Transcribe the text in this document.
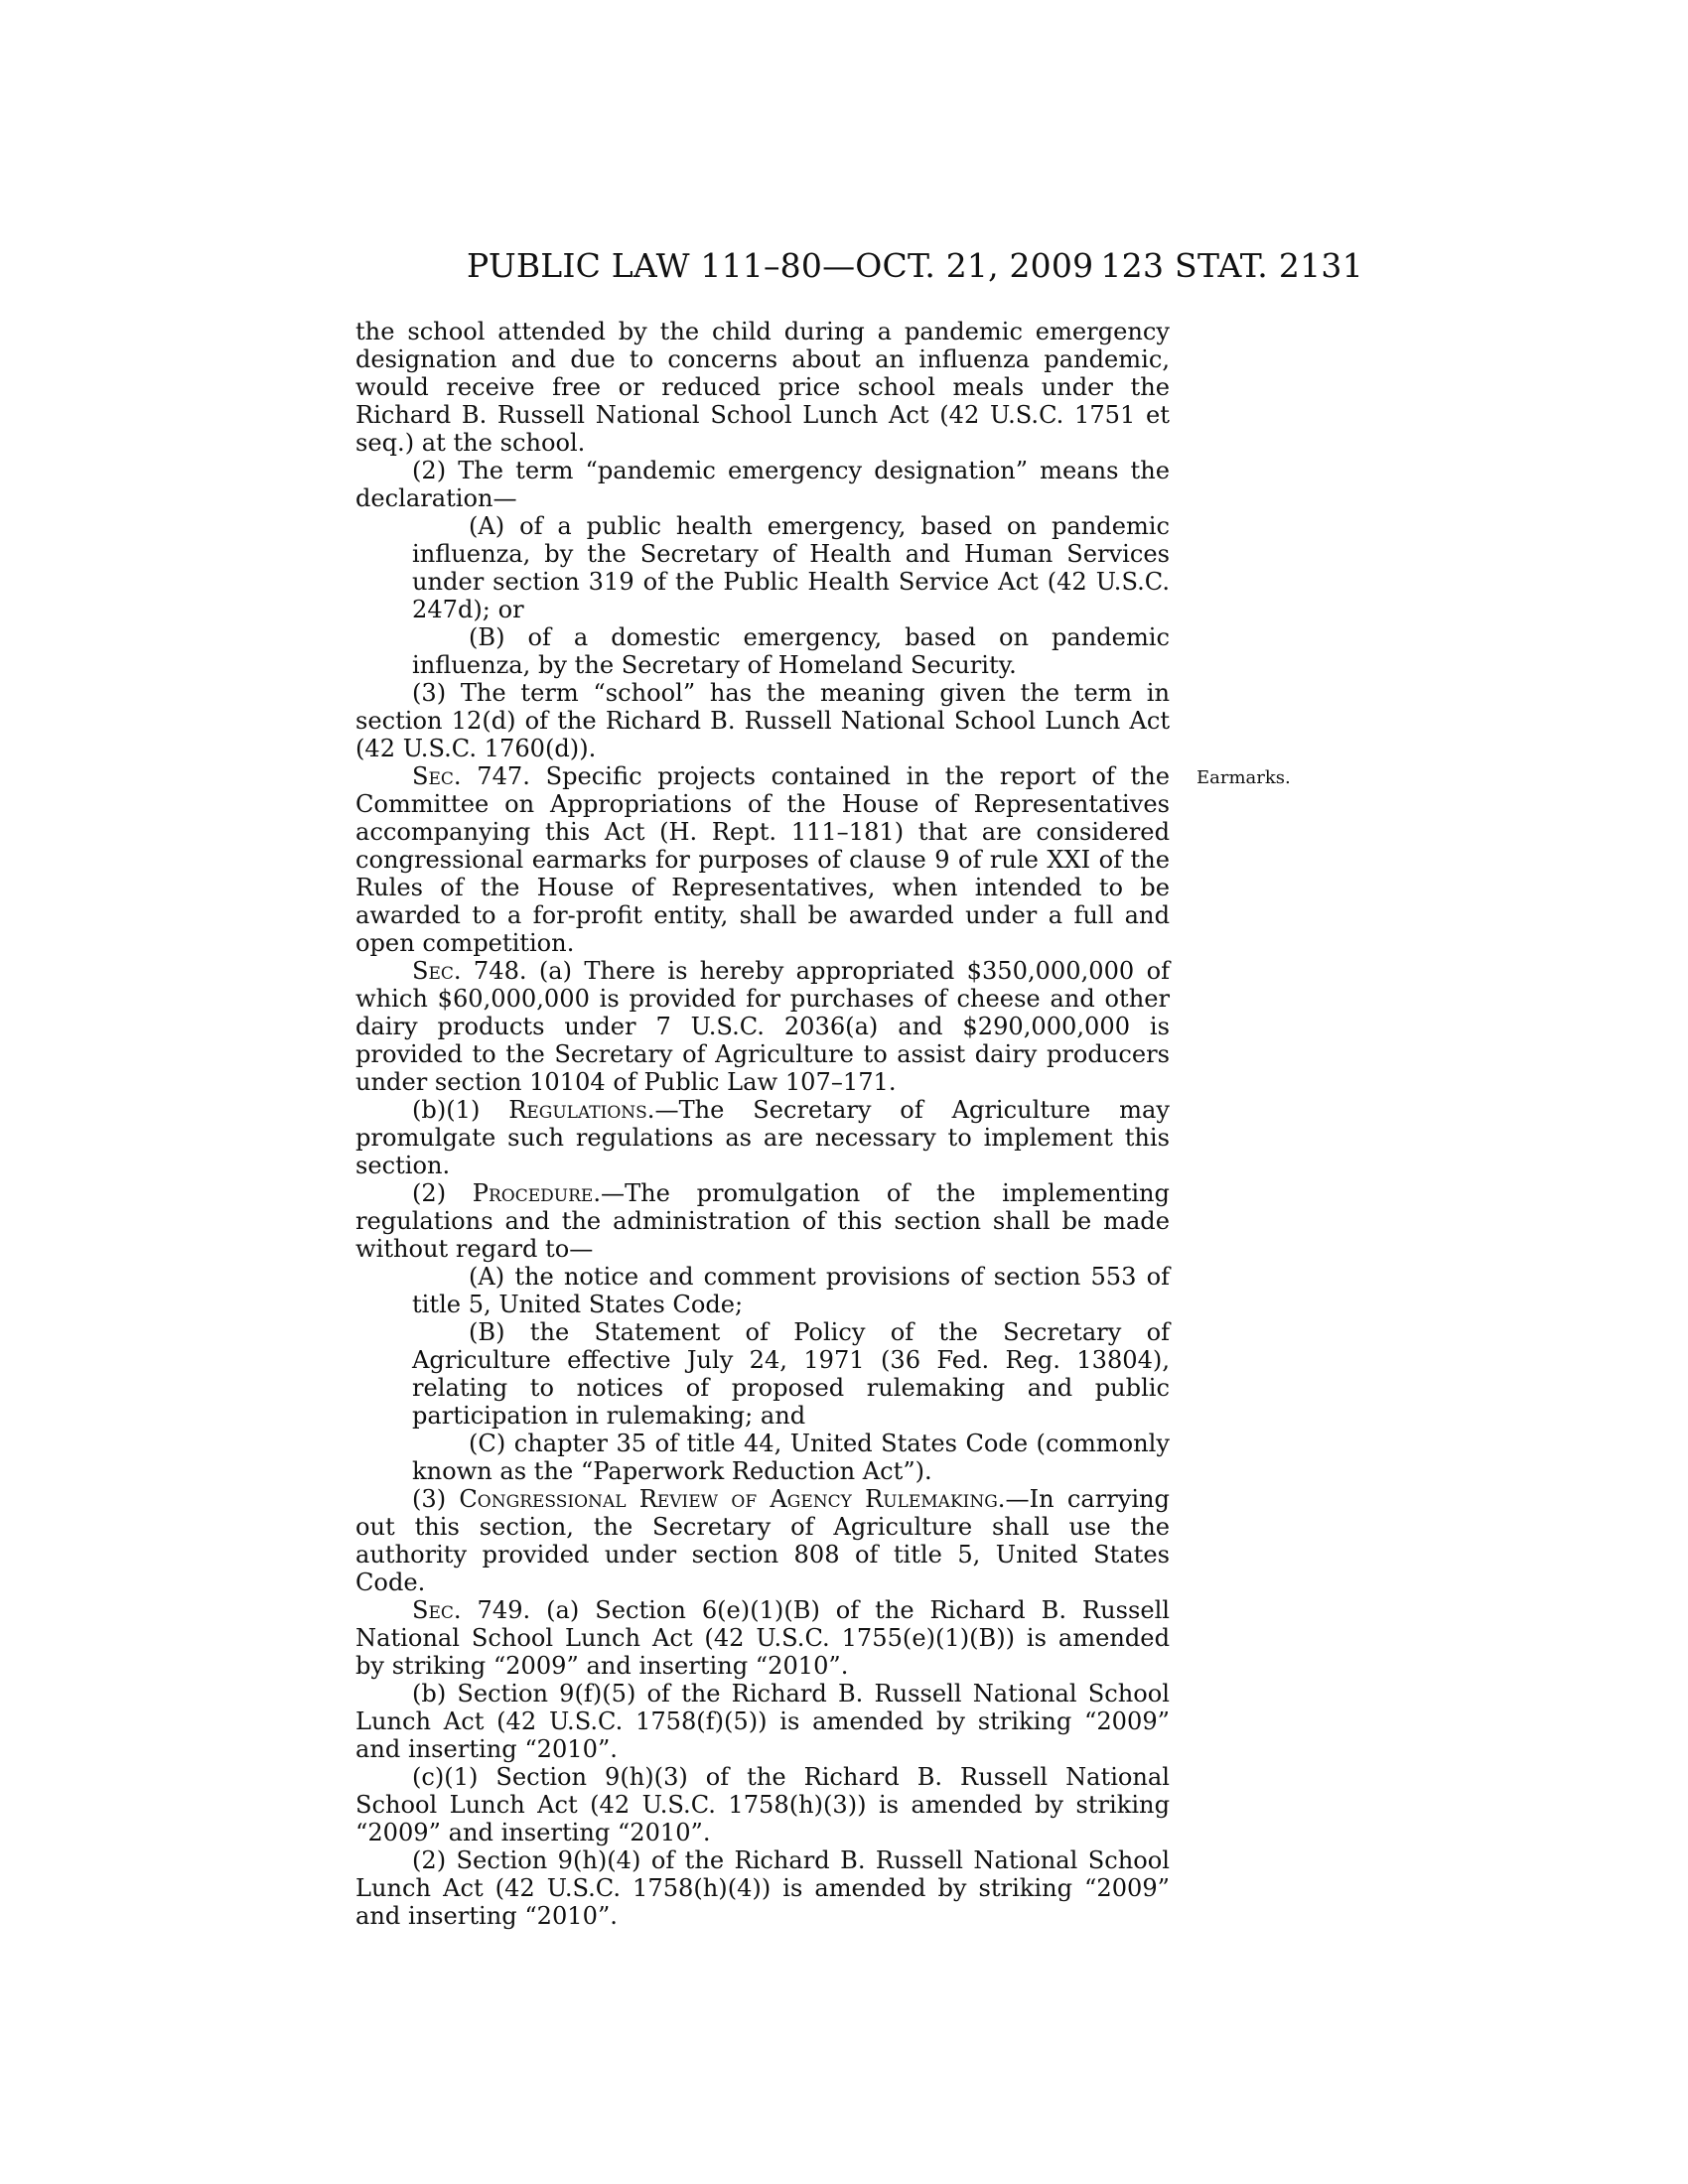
PUBLIC LAW 111–80—OCT. 21, 2009 123 STAT. 2131
Earmarks.

the school attended by the child during a pandemic emergency designation and due to concerns about an influenza pandemic, would receive free or reduced price school meals under the Richard B. Russell National School Lunch Act (42 U.S.C. 1751 et seq.) at the school.

(2) The term “pandemic emergency designation” means the declaration—

(A) of a public health emergency, based on pandemic influenza, by the Secretary of Health and Human Services under section 319 of the Public Health Service Act (42 U.S.C. 247d); or

(B) of a domestic emergency, based on pandemic influenza, by the Secretary of Homeland Security.

(3) The term “school” has the meaning given the term in section 12(d) of the Richard B. Russell National School Lunch Act (42 U.S.C. 1760(d)).

Sec. 747. Specific projects contained in the report of the Committee on Appropriations of the House of Representatives accompanying this Act (H. Rept. 111–181) that are considered congressional earmarks for purposes of clause 9 of rule XXI of the Rules of the House of Representatives, when intended to be awarded to a for-profit entity, shall be awarded under a full and open competition.

Sec. 748. (a) There is hereby appropriated $350,000,000 of which $60,000,000 is provided for purchases of cheese and other dairy products under 7 U.S.C. 2036(a) and $290,000,000 is provided to the Secretary of Agriculture to assist dairy producers under section 10104 of Public Law 107–171.

(b)(1) Regulations.—The Secretary of Agriculture may promulgate such regulations as are necessary to implement this section.

(2) Procedure.—The promulgation of the implementing regulations and the administration of this section shall be made without regard to—

(A) the notice and comment provisions of section 553 of title 5, United States Code;

(B) the Statement of Policy of the Secretary of Agriculture effective July 24, 1971 (36 Fed. Reg. 13804), relating to notices of proposed rulemaking and public participation in rulemaking; and

(C) chapter 35 of title 44, United States Code (commonly known as the “Paperwork Reduction Act”).

(3) Congressional Review of Agency Rulemaking.—In carrying out this section, the Secretary of Agriculture shall use the authority provided under section 808 of title 5, United States Code.

Sec. 749. (a) Section 6(e)(1)(B) of the Richard B. Russell National School Lunch Act (42 U.S.C. 1755(e)(1)(B)) is amended by striking “2009” and inserting “2010”.

(b) Section 9(f)(5) of the Richard B. Russell National School Lunch Act (42 U.S.C. 1758(f)(5)) is amended by striking “2009” and inserting “2010”.

(c)(1) Section 9(h)(3) of the Richard B. Russell National School Lunch Act (42 U.S.C. 1758(h)(3)) is amended by striking “2009” and inserting “2010”.

(2) Section 9(h)(4) of the Richard B. Russell National School Lunch Act (42 U.S.C. 1758(h)(4)) is amended by striking “2009” and inserting “2010”.
